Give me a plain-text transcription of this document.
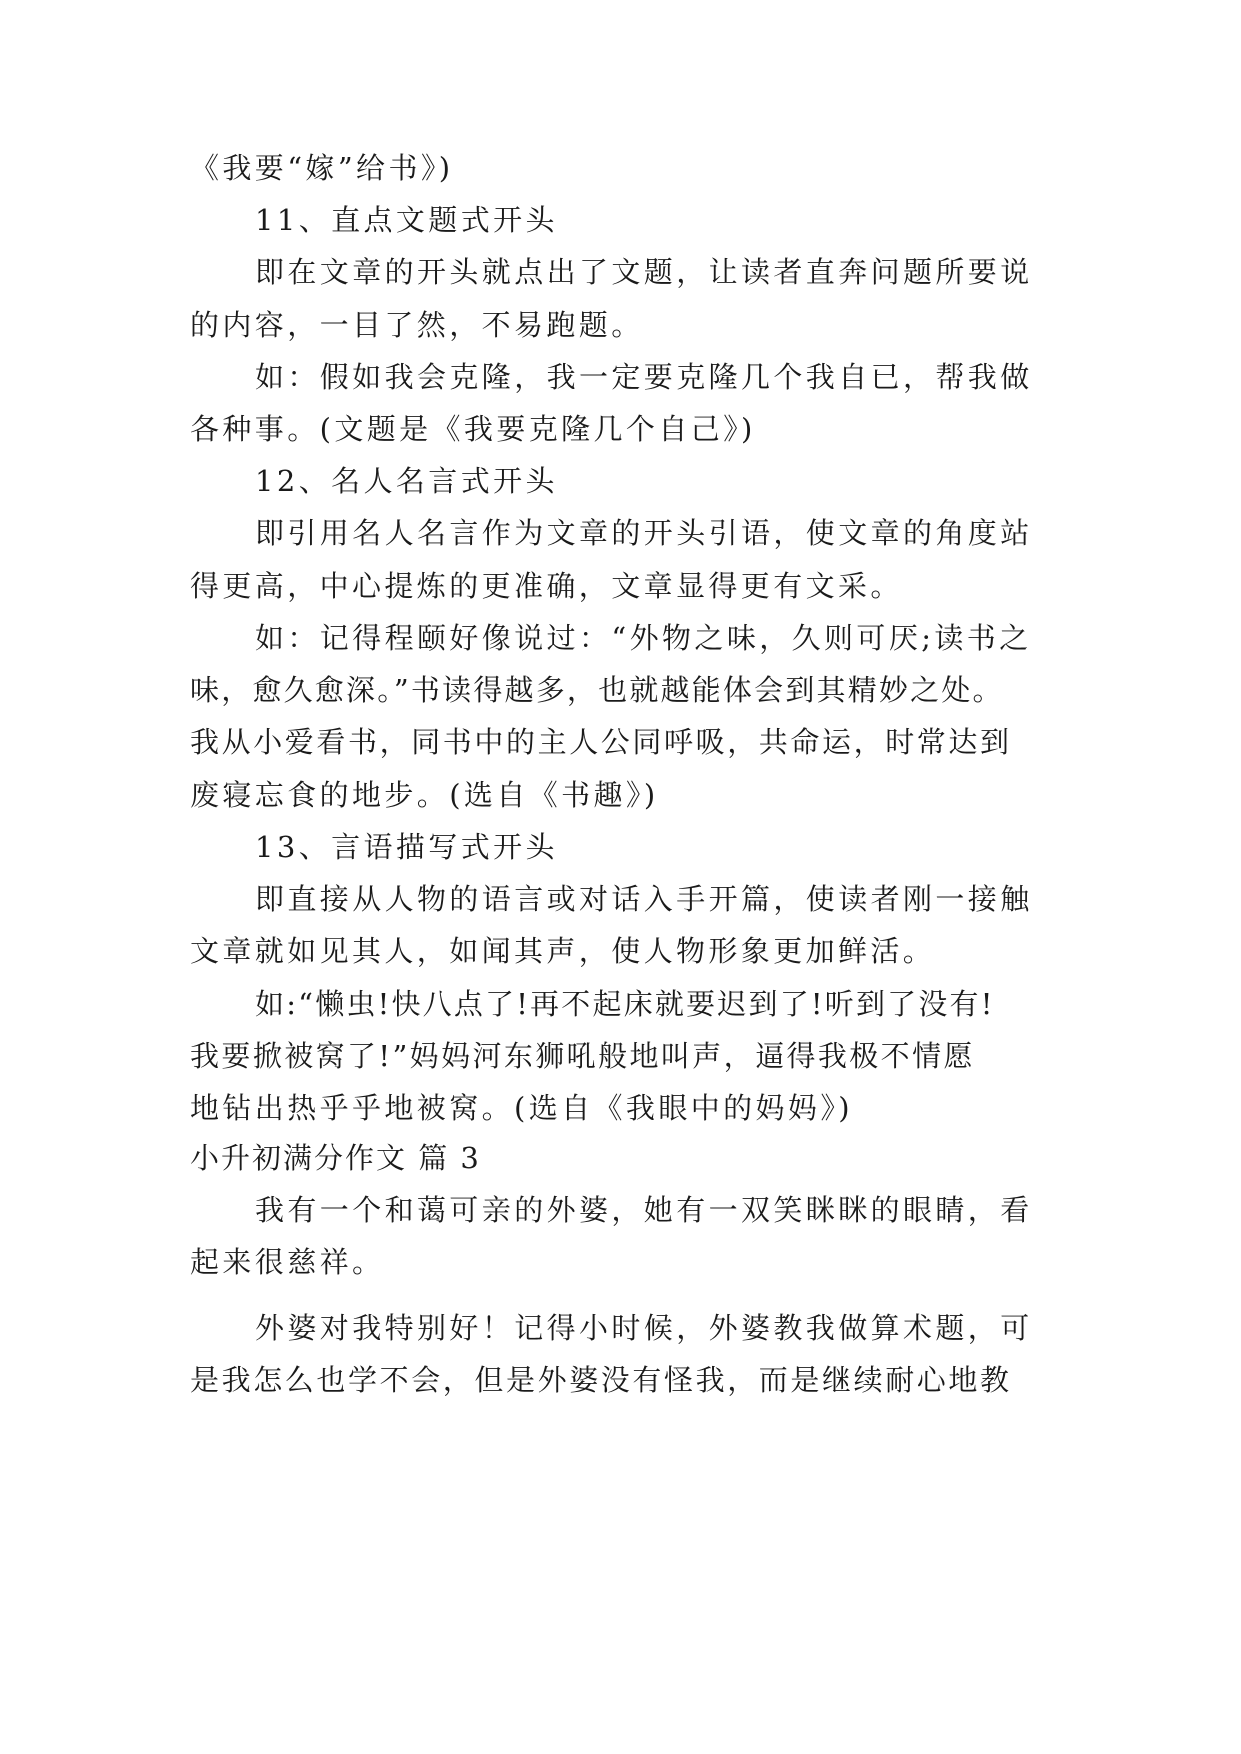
《我要“嫁”给书》)
11、直点文题式开头
即在文章的开头就点出了文题，让读者直奔问题所要说
的内容，一目了然，不易跑题。
如：假如我会克隆，我一定要克隆几个我自已，帮我做
各种事。(文题是《我要克隆几个自己》)
12、名人名言式开头
即引用名人名言作为文章的开头引语，使文章的角度站
得更高，中心提炼的更准确，文章显得更有文采。
如：记得程颐好像说过：“外物之味，久则可厌;读书之
味，愈久愈深。”书读得越多，也就越能体会到其精妙之处。
我从小爱看书，同书中的主人公同呼吸，共命运，时常达到
废寝忘食的地步。(选自《书趣》)
13、言语描写式开头
即直接从人物的语言或对话入手开篇，使读者刚一接触
文章就如见其人，如闻其声，使人物形象更加鲜活。
如:“懒虫!快八点了!再不起床就要迟到了!听到了没有!
我要掀被窝了!”妈妈河东狮吼般地叫声，逼得我极不情愿
地钻出热乎乎地被窝。(选自《我眼中的妈妈》)
小升初满分作文 篇 3
我有一个和蔼可亲的外婆，她有一双笑眯眯的眼睛，看
起来很慈祥。
外婆对我特别好！记得小时候，外婆教我做算术题，可
是我怎么也学不会，但是外婆没有怪我，而是继续耐心地教
